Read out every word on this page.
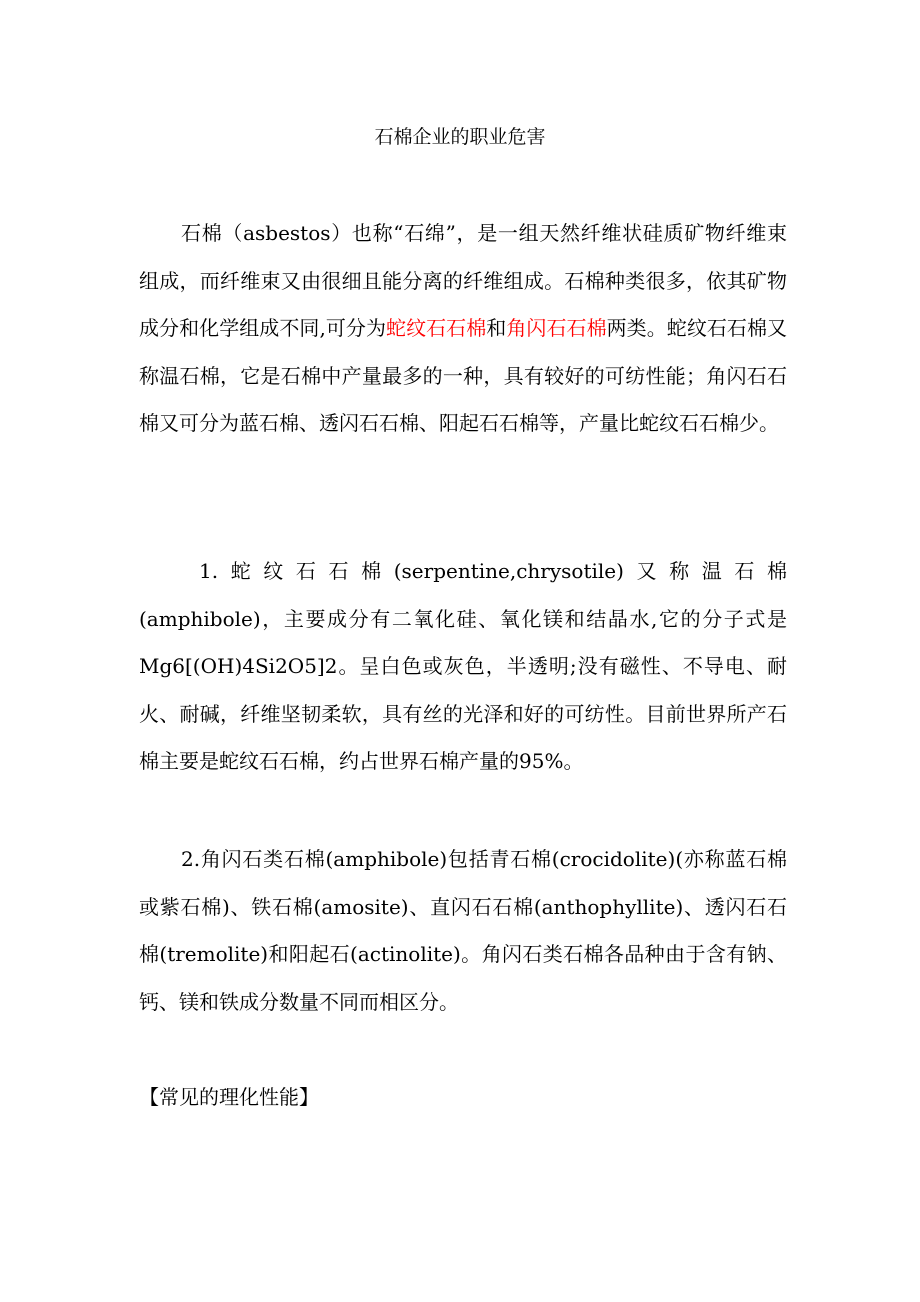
石棉企业的职业危害

石棉（asbestos）也称“石绵”，是一组天然纤维状硅质矿物纤维束组成，而纤维束又由很细且能分离的纤维组成。石棉种类很多，依其矿物成分和化学组成不同,可分为蛇纹石石棉和角闪石石棉两类。蛇纹石石棉又称温石棉，它是石棉中产量最多的一种，具有较好的可纺性能；角闪石石棉又可分为蓝石棉、透闪石石棉、阳起石石棉等，产量比蛇纹石石棉少。

1.蛇纹石石棉(serpentine,chrysotile)又称温石棉(amphibole)，主要成分有二氧化硅、氧化镁和结晶水,它的分子式是Mg6[(OH)4Si2O5]2。呈白色或灰色，半透明;没有磁性、不导电、耐火、耐碱，纤维坚韧柔软，具有丝的光泽和好的可纺性。目前世界所产石棉主要是蛇纹石石棉，约占世界石棉产量的95%。

2.角闪石类石棉(amphibole)包括青石棉(crocidolite)(亦称蓝石棉或紫石棉)、铁石棉(amosite)、直闪石石棉(anthophyllite)、透闪石石棉(tremolite)和阳起石(actinolite)。角闪石类石棉各品种由于含有钠、钙、镁和铁成分数量不同而相区分。

【常见的理化性能】
